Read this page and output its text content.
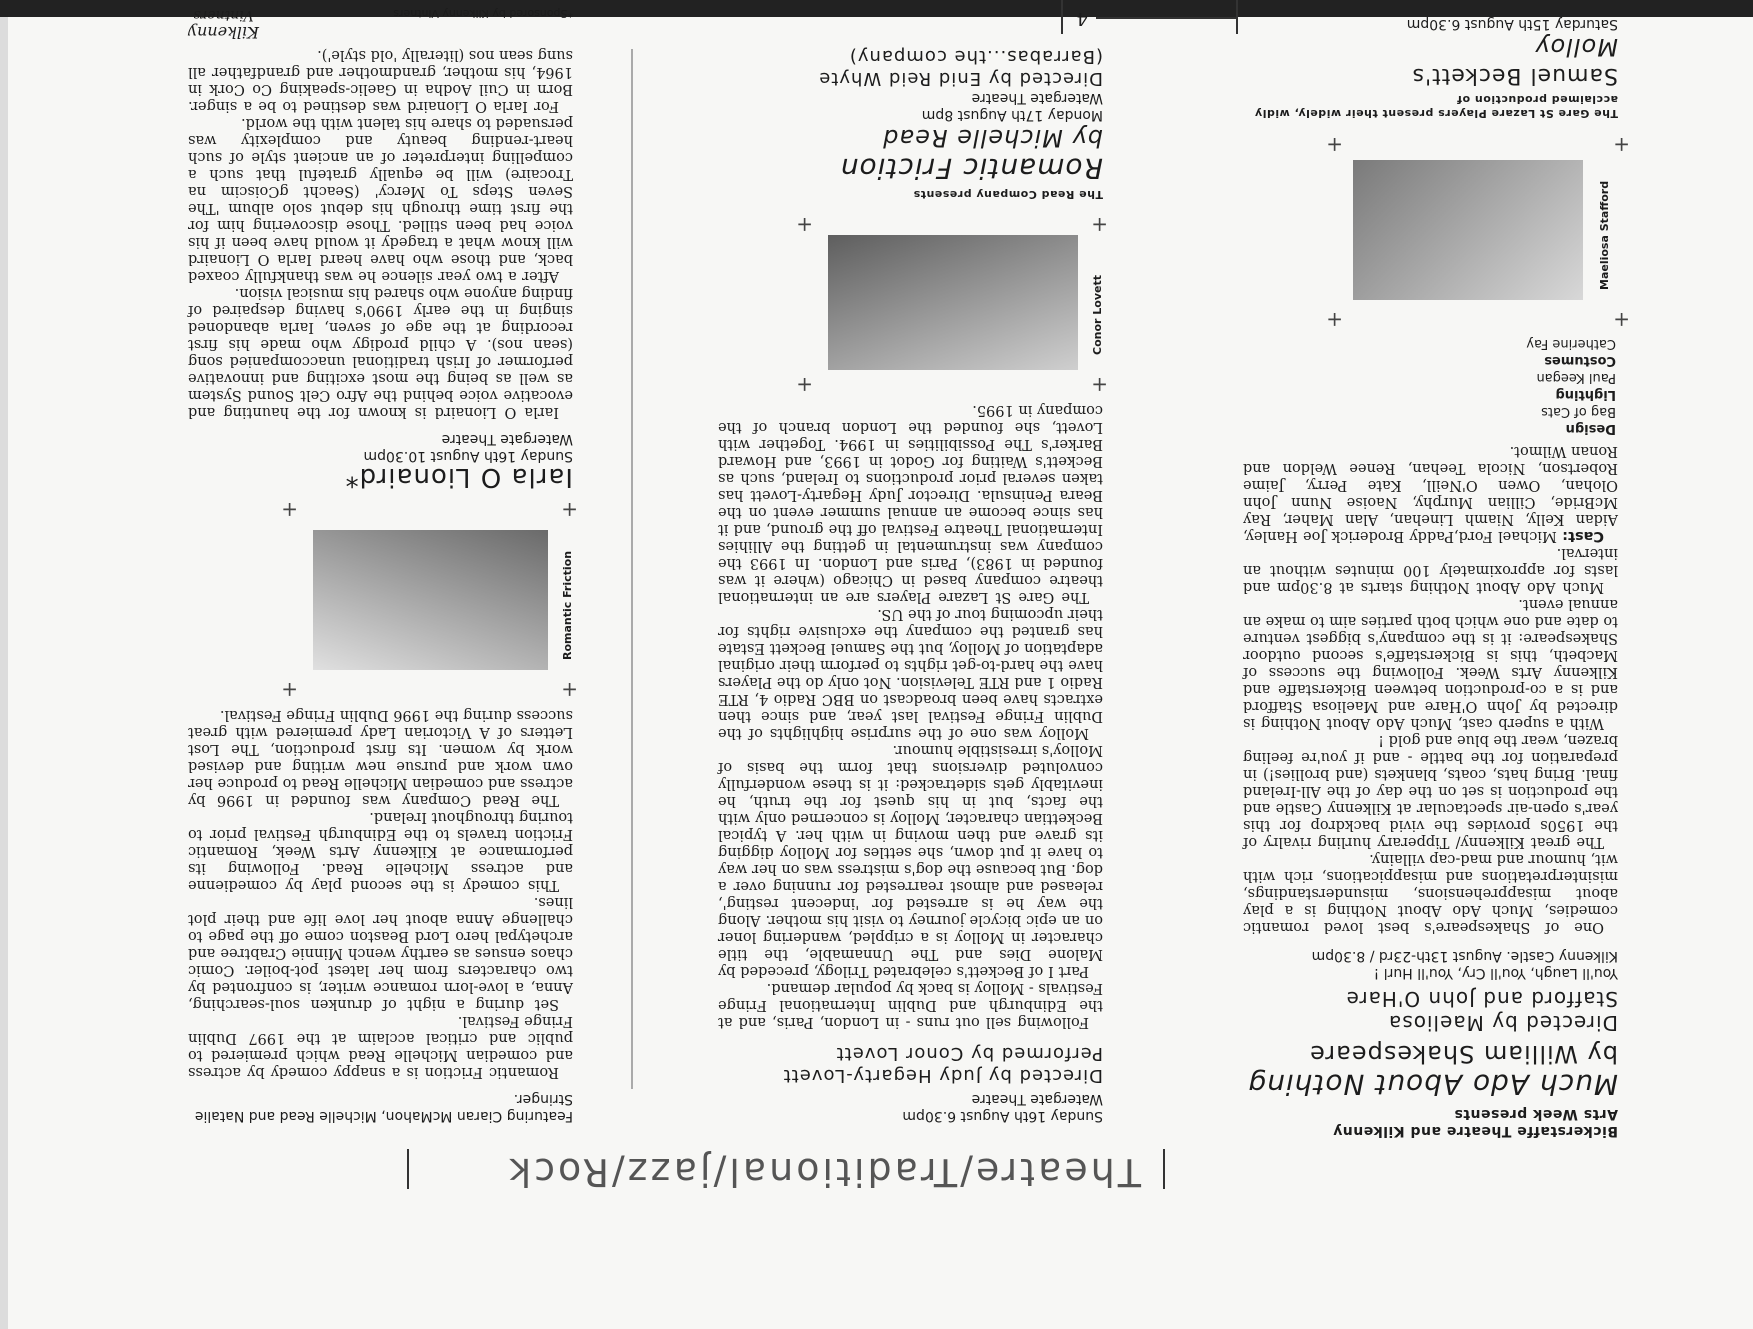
Theatre/Traditional/jazz/Rock
Bickerstaffe Theatre and Kilkenny Arts Week presents
Much Ado About Nothing
by William Shakespeare
Directed by Maeliosa Stafford and John O'Hare
You'll Laugh, You'll Cry, You'll Hurl !
Kilkenny Castle. August 13th-23rd / 8.30pm

One of Shakespeare's best loved romantic comedies, Much Ado About Nothing is a play about misapprehensions, misunderstandings, misinterpretations and misappications, rich with wit, humour and mad-cap villainy.

The great Kilkenny/ Tipperary hurling rivalry of the 1950s provides the vivid backdrop for this year's open-air spectacular at Kilkenny Castle and the production is set on the day of the All-Ireland final. Bring hats, coats, blankets (and brollies!) in preparation for the battle - and if you're feeling brazen, wear the blue and gold !

With a superb cast, Much Ado About Nothing is directed by John O'Hare and Maeliosa Stafford and is a co-production between Bickerstaffe and Kilkenny Arts Week. Following the success of Macbeth, this is Bickerstaffe's second outdoor Shakespeare: it is the company's biggest venture to date and one which both parties aim to make an annual event.

Much Ado About Nothing starts at 8.30pm and lasts for approximately 100 minutes without an interval.

Cast: Michael Ford,Paddy Broderick Joe Hanley, Aidan Kelly, Niamh Linehan, Alan Maher, Ray McBride, Cillian Murphy, Naoise Nunn John Olohan, Owen O'Neill, Kate Perry, Jaime Robertson, Nicola Teehan, Renee Weldon and Ronan Wilmot.

Design
Bag of Cats
Lighting
Paul Keegan
Costumes
Catherine Fay
+
Maeliosa Stafford
+
+
+
The Gare St Lazare Players present their widely, widly acclaimed production of
Samuel Beckett's
Molloy
Saturday 15th August 6.30pm
Sunday 16th August 6.30pm
Watergate Theatre
Directed by Judy Hegarty-Lovett
Performed by Conor Lovett

Following sell out runs - in London, Paris, and at the Edinburgh and Dublin International Fringe Festivals - Molloy is back by popular demand.

Part I of Beckett's celebrated Trilogy, preceded by Malone Dies and The Unnamable, the title character in Molloy is a crippled, wandering loner on an epic bicycle journey to visit his mother. Along the way he is arrested for 'indecent resting', released and almost rearrested for running over a dog. But because the dog's mistress was on her way to have it put down, she settles for Molloy digging its grave and then moving in with her. A typical Beckettian character, Molloy is concerned only with the facts, but in his quest for the truth, he inevitably gets sidetracked: it is these wonderfully convoluted diversions that form the basis of Molloy's irresistible humour.

Molloy was one of the surprise highlights of the Dublin Fringe Festival last year, and since then extracts have been broadcast on BBC Radio 4, RTE Radio 1 and RTE Television. Not only do the Players have the hard-to-get rights to perform their original adaptation of Molloy, but the Samuel Beckett Estate has granted the company the exclusive rights for their upcoming tour of the US.

The Gare St Lazare Players are an international theatre company based in Chicago (where it was founded in 1983), Paris and London. In 1993 the company was instrumental in getting the Allihies International Theatre Festival off the ground, and it has since become an annual summer event on the Beara Peninsula. Director Judy Hegarty-Lovett has taken several prior productions to Ireland, such as Beckett's Waiting for Godot in 1993, and Howard Barker's The Possibilities in 1994. Together with Lovett, she founded the London branch of the company in 1995.

+
Conor Lovett
+
+
+
The Read Company presents
Romantic Friction
by Michelle Read
Monday 17th August 8pm
Watergate Theatre
Directed by Enid Reid Whyte
(Barrabas...the company)
Featuring Ciaran McMahon, Michelle Read and Natalie Stringer.

Romantic Friction is a snappy comedy by actress and comedian Michelle Read which premiered to public and critical acclaim at the 1997 Dublin Fringe Festival.

Set during a night of drunken soul-searching, Anna, a love-lorn romance writer, is confronted by two characters from her latest pot-boiler. Comic chaos ensues as earthy wench Minnie Crabtree and archetypal hero Lord Beaston come off the page to challenge Anna about her love life and their plot lines.

This comedy is the second play by comedienne and actress Michelle Read. Following its performance at Kilkenny Arts Week, Romantic Friction travels to the Edinburgh Festival prior to touring throughout Ireland.

The Read Company was founded in 1996 by actress and comedian Michelle Read to produce her own work and pursue new writing and devised work by women. Its first production, The Lost Letters of A Victorian Lady premiered with great success during the 1996 Dublin Fringe Festival.

+
Romantic Friction
+
+
+
Iarla O Lionaird*
Sunday 16th August 10.30pm
Watergate Theatre

Iarla O Lionaird is known for the haunting and evocative voice behind the Afro Celt Sound System as well as being the most exciting and innovative performer of Irish traditional unaccompanied song (sean nos). A child prodigy who made his first recording at the age of seven, Iarla abandoned singing in the early 1990's having despaired of finding anyone who shared his musical vision.

After a two year silence he was thankfully coaxed back, and those who have heard Iarla O Lionaird will know what a tragedy it would have been if his voice had been stilled. Those discovering him for the first time through his debut solo album 'The Seven Steps To Mercy' (Seacht gCoiscim na Trocaire) will be equally grateful that such a compelling interpreter of an ancient style of such heart-rending beauty and complexity was persuaded to share his talent with the world.

For Iarla O Lionaird was destined to be a singer. Born in Cuil Aodha in Gaelic-speaking Co Cork in 1964, his mother, grandmother and grandfather all sung sean nos (literally 'old style').

*Sponsored by Kilkenny Vintners
Kilkenny
Vintners	4
